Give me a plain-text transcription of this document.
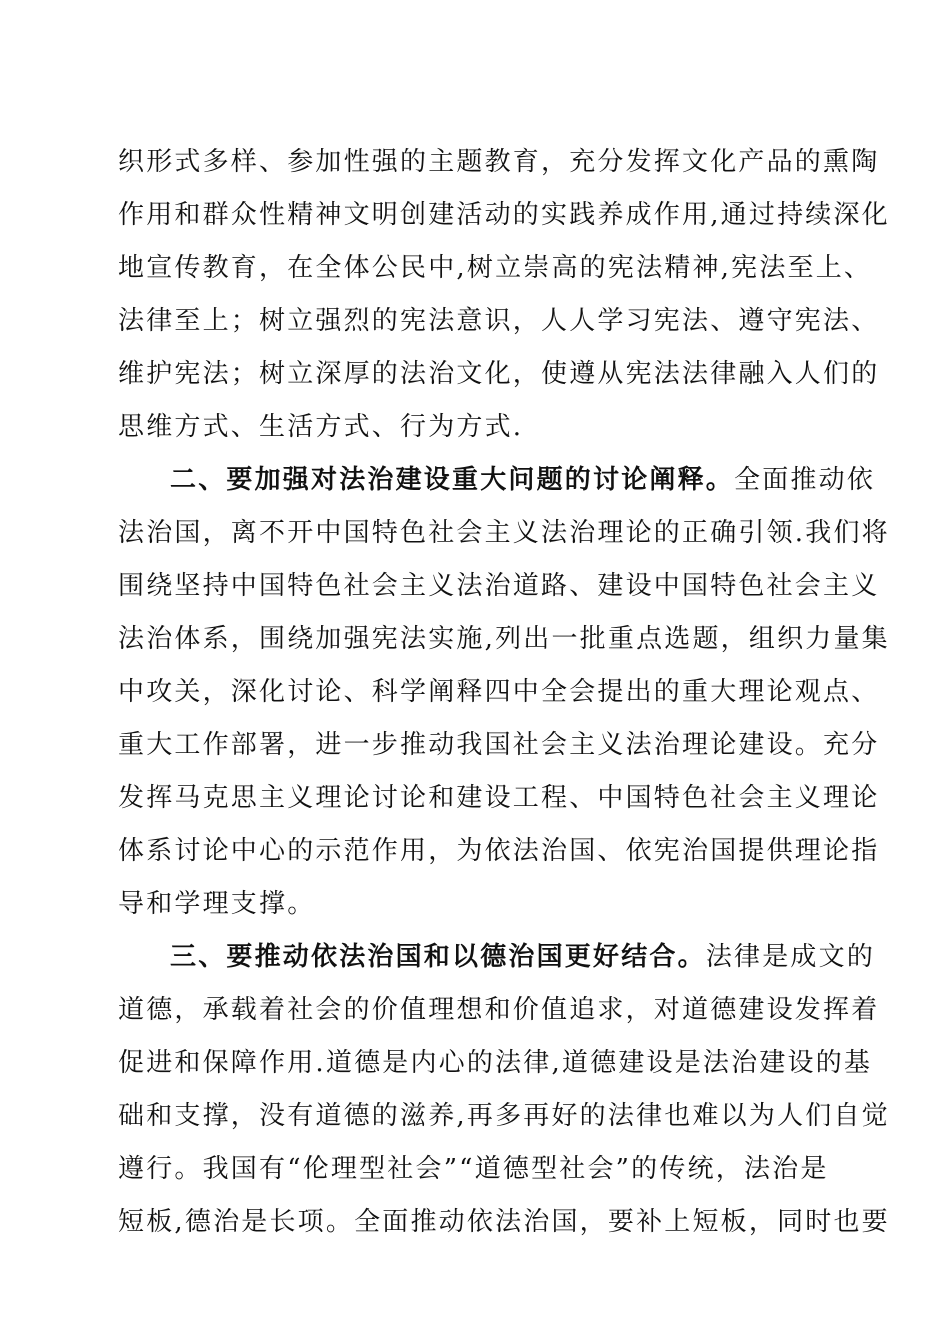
织形式多样、参加性强的主题教育，充分发挥文化产品的熏陶
作用和群众性精神文明创建活动的实践养成作用,通过持续深化
地宣传教育，在全体公民中,树立崇高的宪法精神,宪法至上、
法律至上；树立强烈的宪法意识，人人学习宪法、遵守宪法、
维护宪法；树立深厚的法治文化，使遵从宪法法律融入人们的
思维方式、生活方式、行为方式.
二、要加强对法治建设重大问题的讨论阐释。全面推动依
法治国，离不开中国特色社会主义法治理论的正确引领.我们将
围绕坚持中国特色社会主义法治道路、建设中国特色社会主义
法治体系，围绕加强宪法实施,列出一批重点选题，组织力量集
中攻关，深化讨论、科学阐释四中全会提出的重大理论观点、
重大工作部署，进一步推动我国社会主义法治理论建设。充分
发挥马克思主义理论讨论和建设工程、中国特色社会主义理论
体系讨论中心的示范作用，为依法治国、依宪治国提供理论指
导和学理支撑。
三、要推动依法治国和以德治国更好结合。法律是成文的
道德，承载着社会的价值理想和价值追求，对道德建设发挥着
促进和保障作用.道德是内心的法律,道德建设是法治建设的基
础和支撑，没有道德的滋养,再多再好的法律也难以为人们自觉
遵行。我国有“伦理型社会”“道德型社会”的传统，法治是
短板,德治是长项。全面推动依法治国，要补上短板，同时也要
